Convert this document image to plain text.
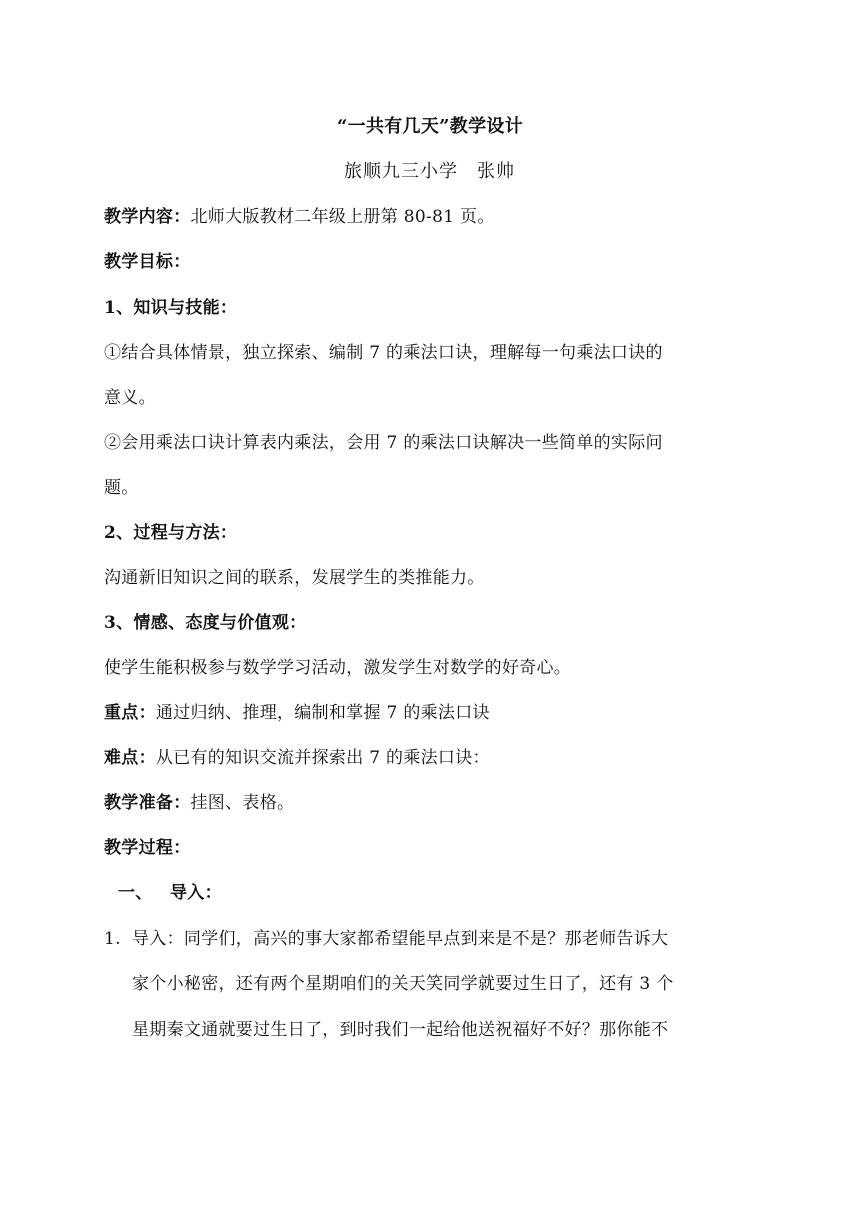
“一共有几天”教学设计
旅顺九三小学　张帅
教学内容：北师大版教材二年级上册第 80-81 页。
教学目标：
1、知识与技能：
①结合具体情景，独立探索、编制 7 的乘法口诀，理解每一句乘法口诀的
意义。
②会用乘法口诀计算表内乘法，会用 7 的乘法口诀解决一些简单的实际问
题。
2、过程与方法：
沟通新旧知识之间的联系，发展学生的类推能力。
3、情感、态度与价值观：
使学生能积极参与数学学习活动，激发学生对数学的好奇心。
重点：通过归纳、推理，编制和掌握 7 的乘法口诀
难点：从已有的知识交流并探索出 7 的乘法口诀：
教学准备：挂图、表格。
教学过程：
一、 导入：
1. 导入：同学们，高兴的事大家都希望能早点到来是不是？那老师告诉大
家个小秘密，还有两个星期咱们的关天笑同学就要过生日了，还有 3 个
星期秦文通就要过生日了，到时我们一起给他送祝福好不好？那你能不
